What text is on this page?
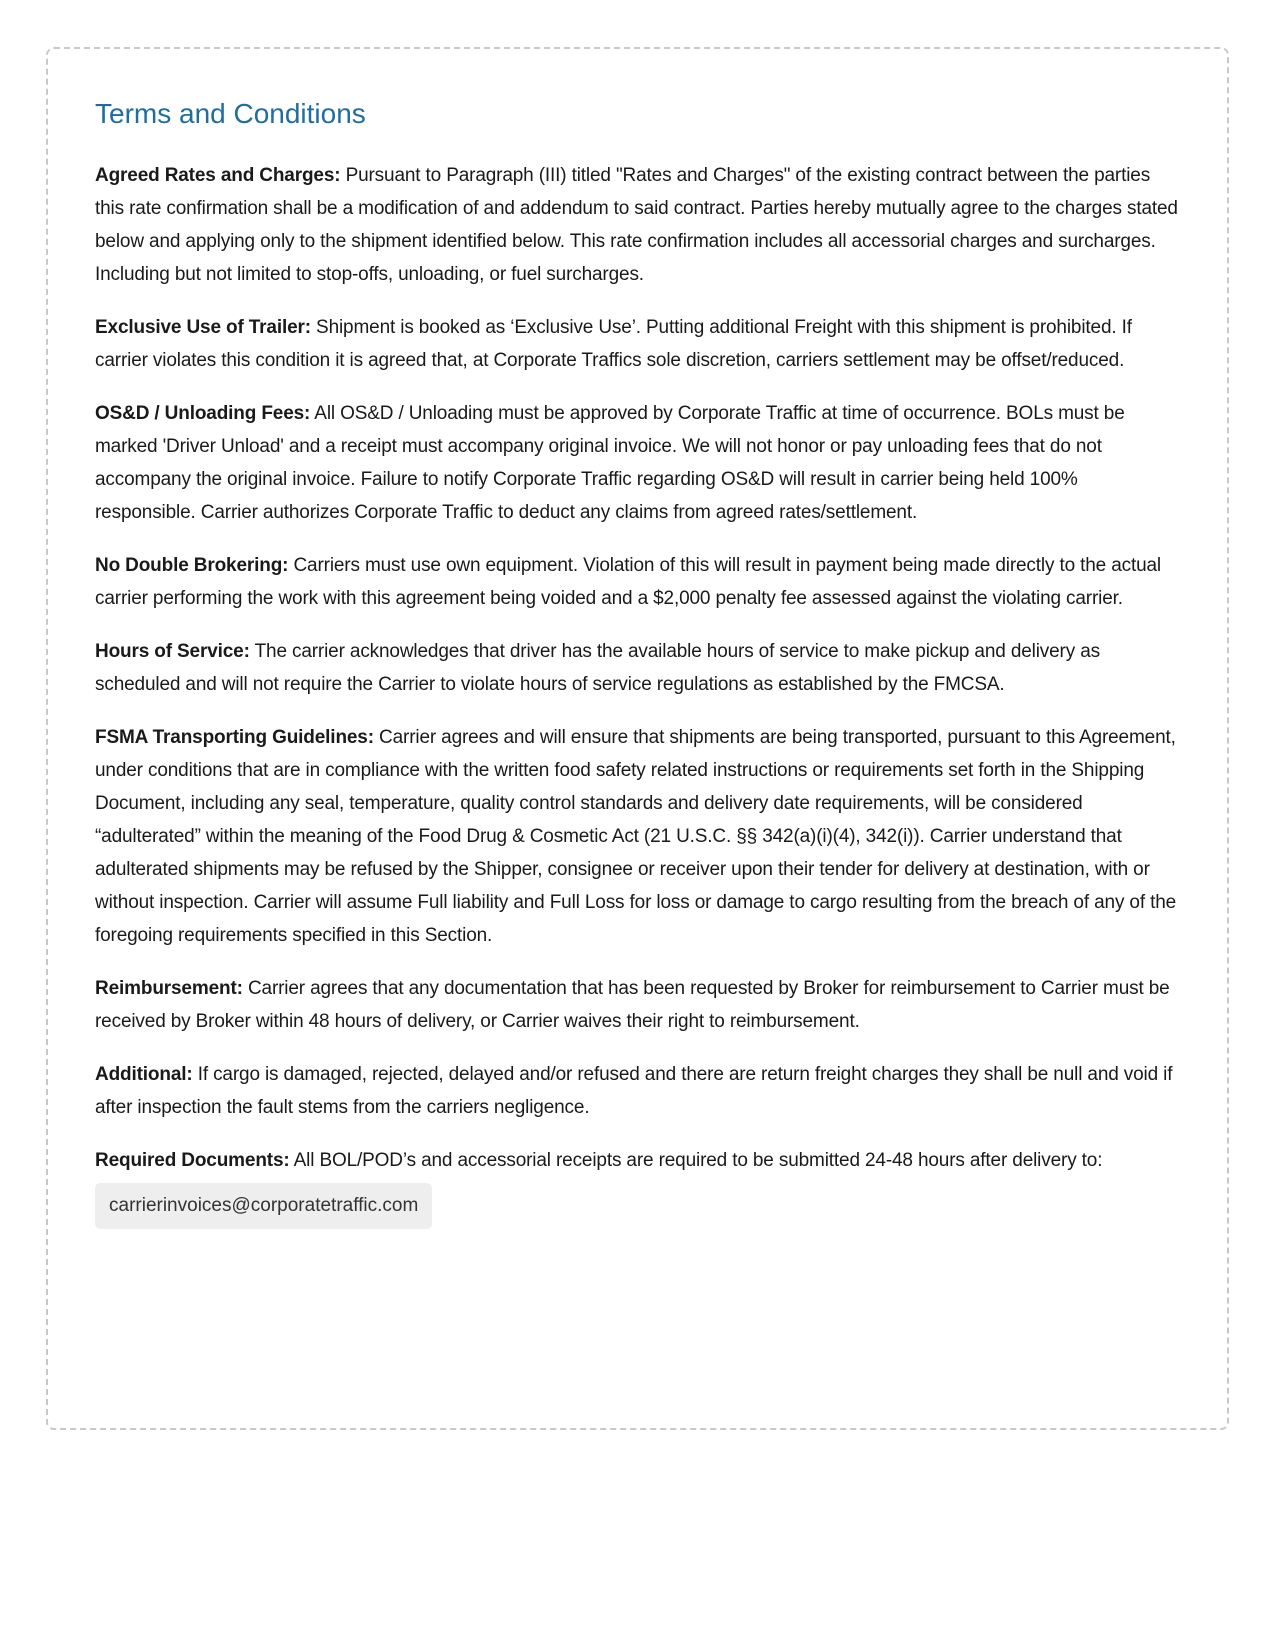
Terms and Conditions

Agreed Rates and Charges: Pursuant to Paragraph (III) titled "Rates and Charges" of the existing contract between the parties this rate confirmation shall be a modification of and addendum to said contract. Parties hereby mutually agree to the charges stated below and applying only to the shipment identified below. This rate confirmation includes all accessorial charges and surcharges. Including but not limited to stop-offs, unloading, or fuel surcharges.

Exclusive Use of Trailer: Shipment is booked as ‘Exclusive Use’. Putting additional Freight with this shipment is prohibited. If carrier violates this condition it is agreed that, at Corporate Traffics sole discretion, carriers settlement may be offset/reduced.

OS&D / Unloading Fees: All OS&D / Unloading must be approved by Corporate Traffic at time of occurrence. BOLs must be marked 'Driver Unload' and a receipt must accompany original invoice. We will not honor or pay unloading fees that do not accompany the original invoice. Failure to notify Corporate Traffic regarding OS&D will result in carrier being held 100% responsible. Carrier authorizes Corporate Traffic to deduct any claims from agreed rates/settlement.

No Double Brokering: Carriers must use own equipment. Violation of this will result in payment being made directly to the actual carrier performing the work with this agreement being voided and a $2,000 penalty fee assessed against the violating carrier.

Hours of Service: The carrier acknowledges that driver has the available hours of service to make pickup and delivery as scheduled and will not require the Carrier to violate hours of service regulations as established by the FMCSA.

FSMA Transporting Guidelines: Carrier agrees and will ensure that shipments are being transported, pursuant to this Agreement, under conditions that are in compliance with the written food safety related instructions or requirements set forth in the Shipping Document, including any seal, temperature, quality control standards and delivery date requirements, will be considered “adulterated” within the meaning of the Food Drug & Cosmetic Act (21 U.S.C. §§ 342(a)(i)(4), 342(i)). Carrier understand that adulterated shipments may be refused by the Shipper, consignee or receiver upon their tender for delivery at destination, with or without inspection. Carrier will assume Full liability and Full Loss for loss or damage to cargo resulting from the breach of any of the foregoing requirements specified in this Section.

Reimbursement: Carrier agrees that any documentation that has been requested by Broker for reimbursement to Carrier must be received by Broker within 48 hours of delivery, or Carrier waives their right to reimbursement.

Additional: If cargo is damaged, rejected, delayed and/or refused and there are return freight charges they shall be null and void if after inspection the fault stems from the carriers negligence.

Required Documents: All BOL/POD’s and accessorial receipts are required to be submitted 24-48 hours after delivery to:

carrierinvoices@corporatetraffic.com
